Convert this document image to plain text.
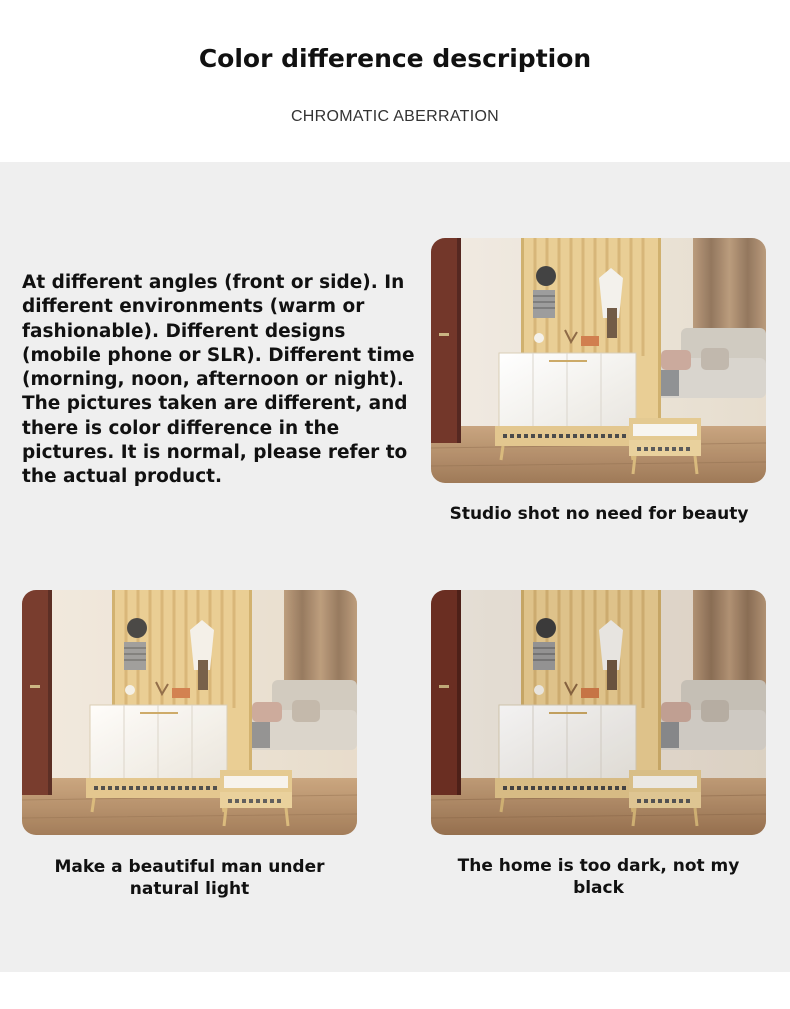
Color difference description
CHROMATIC ABERRATION

At different angles (front or side). In different environments (warm or fashionable). Different designs (mobile phone or SLR). Different time (morning, noon, afternoon or night). The pictures taken are different, and there is color difference in the pictures. It is normal, please refer to the actual product.

Studio shot no need for beauty

Make a beautiful man under natural light

The home is too dark, not my black
